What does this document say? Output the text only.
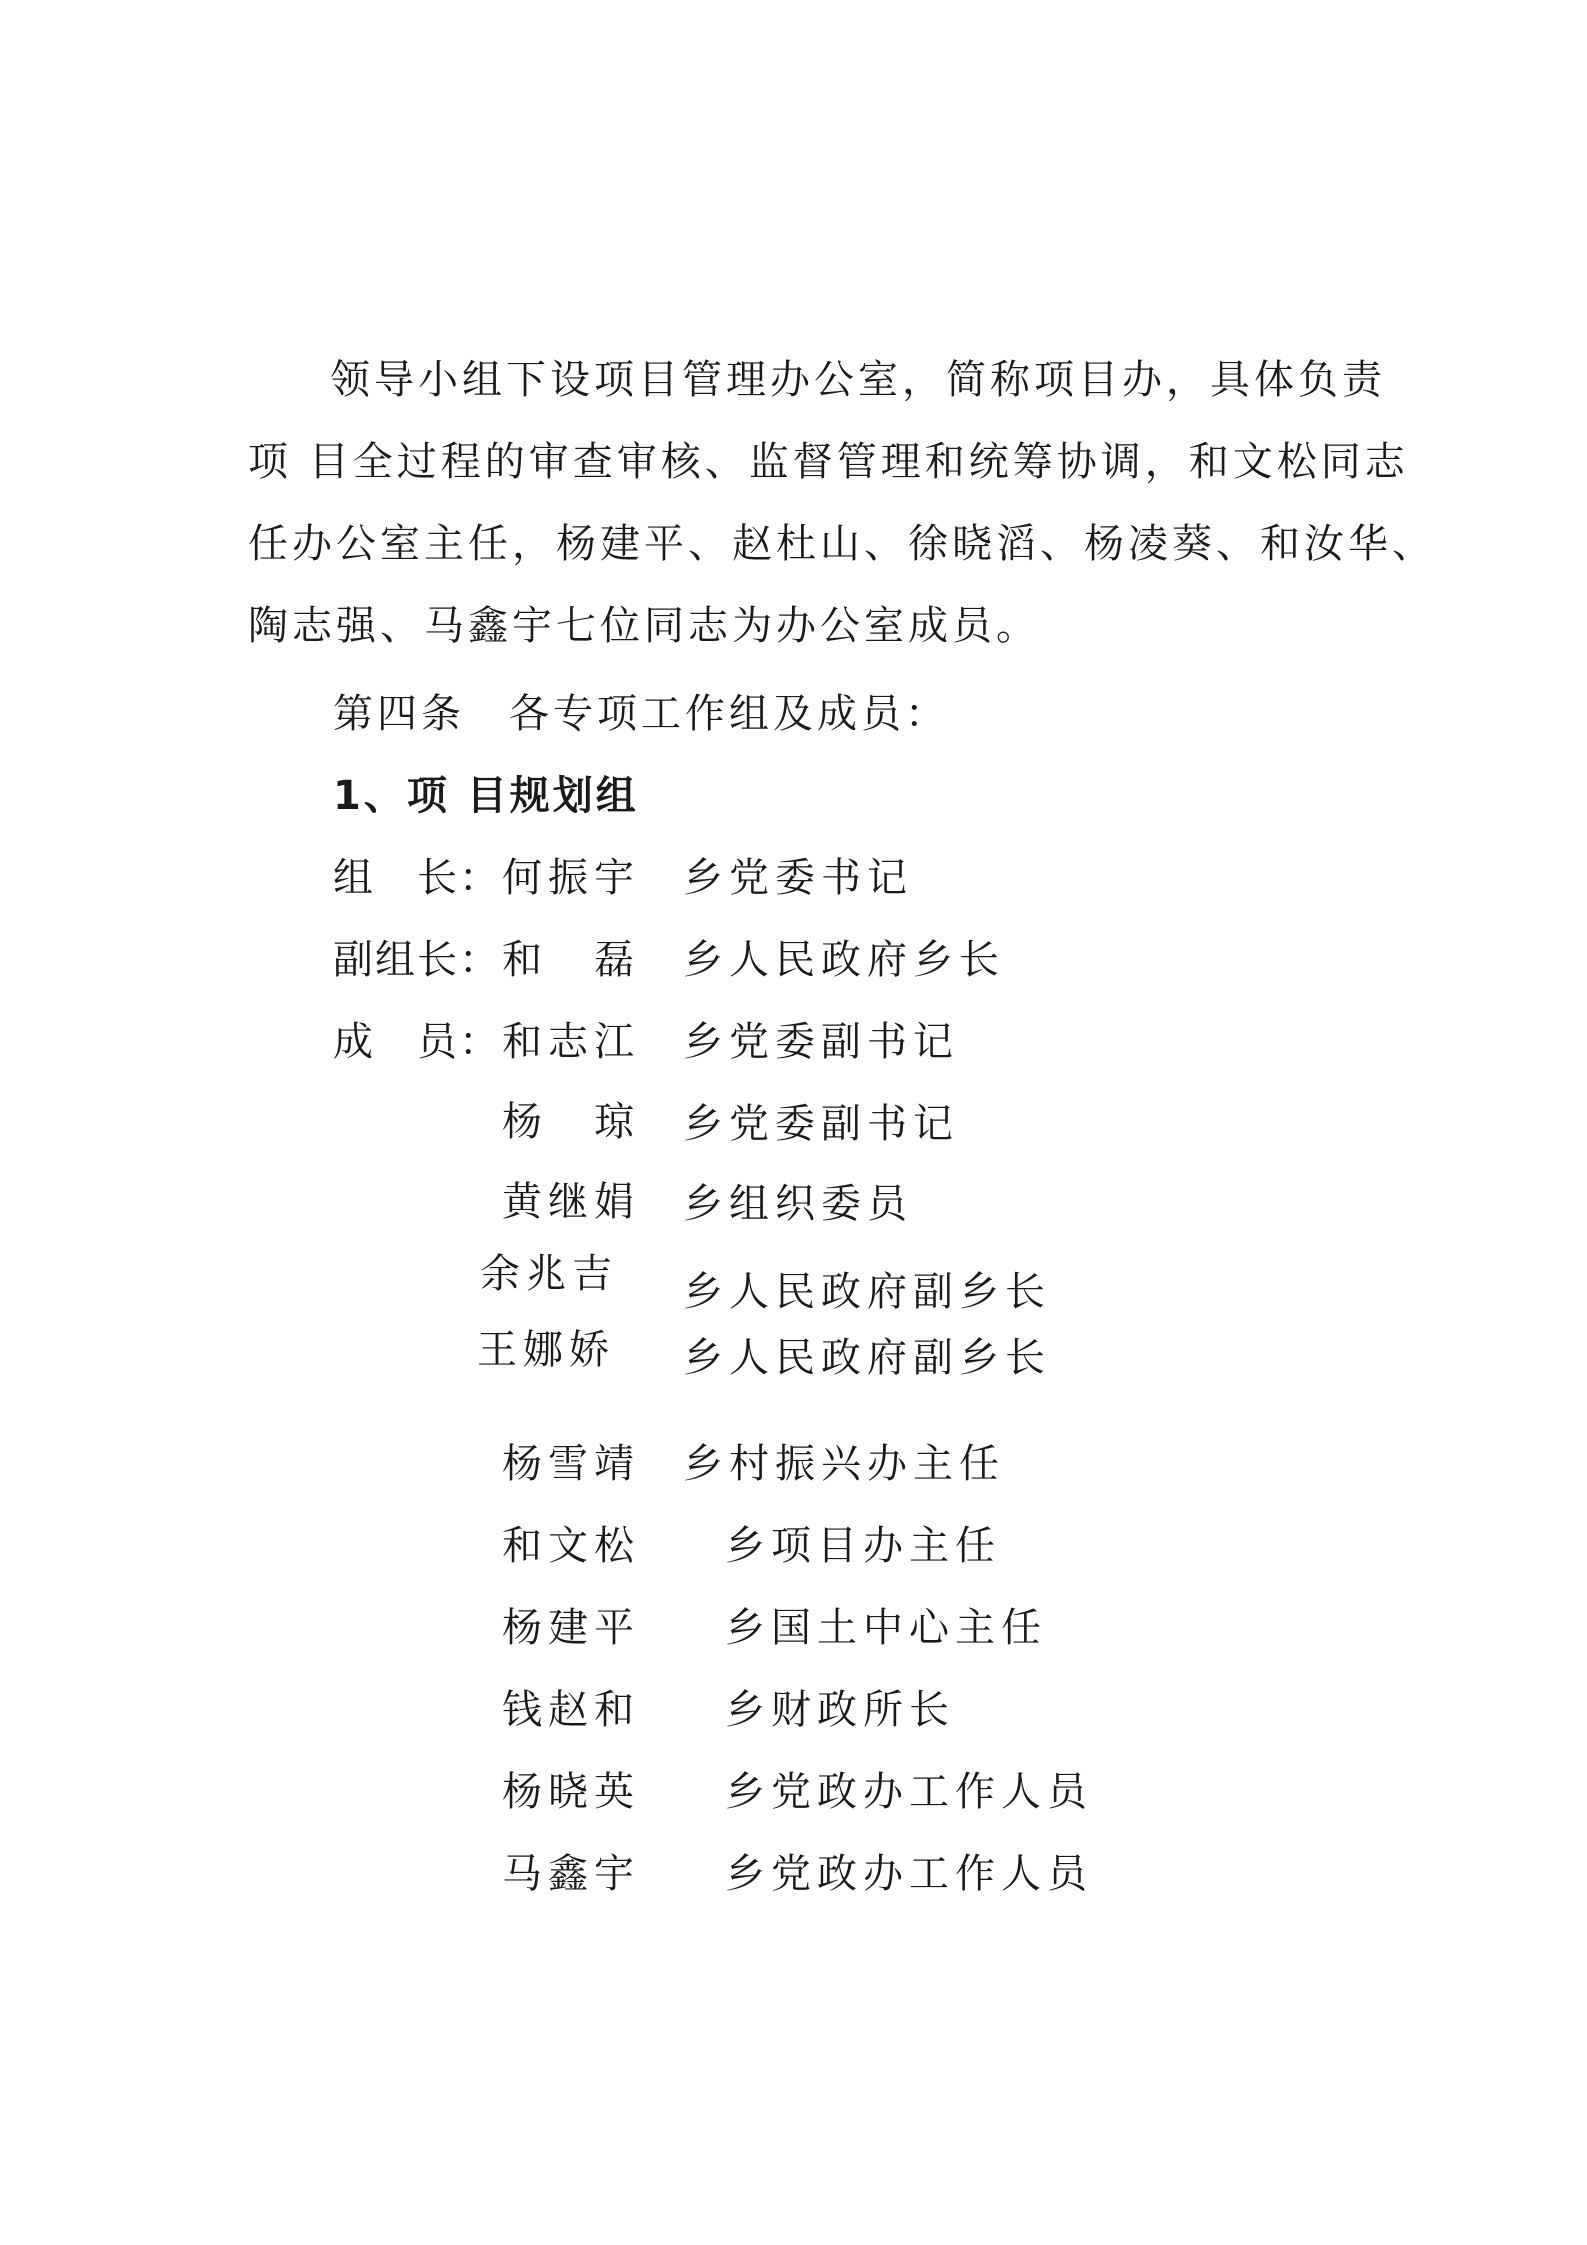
领导小组下设项目管理办公室，简称项目办，具体负责
项 目全过程的审查审核、监督管理和统筹协调，和文松同志
任办公室主任，杨建平、赵杜山、徐晓滔、杨凌葵、和汝华、
陶志强、马鑫宇七位同志为办公室成员。
第四条　各专项工作组及成员：
1、项 目规划组
组　长： 何振宇 乡党委书记
副组长： 和　磊 乡人民政府乡长
成　员： 和志江 乡党委副书记
杨　琼 乡党委副书记
黄继娟 乡组织委员
余兆吉 乡人民政府副乡长
王娜娇 乡人民政府副乡长
杨雪靖 乡村振兴办主任
和文松 乡项目办主任
杨建平 乡国土中心主任
钱赵和 乡财政所长
杨晓英 乡党政办工作人员
马鑫宇 乡党政办工作人员
